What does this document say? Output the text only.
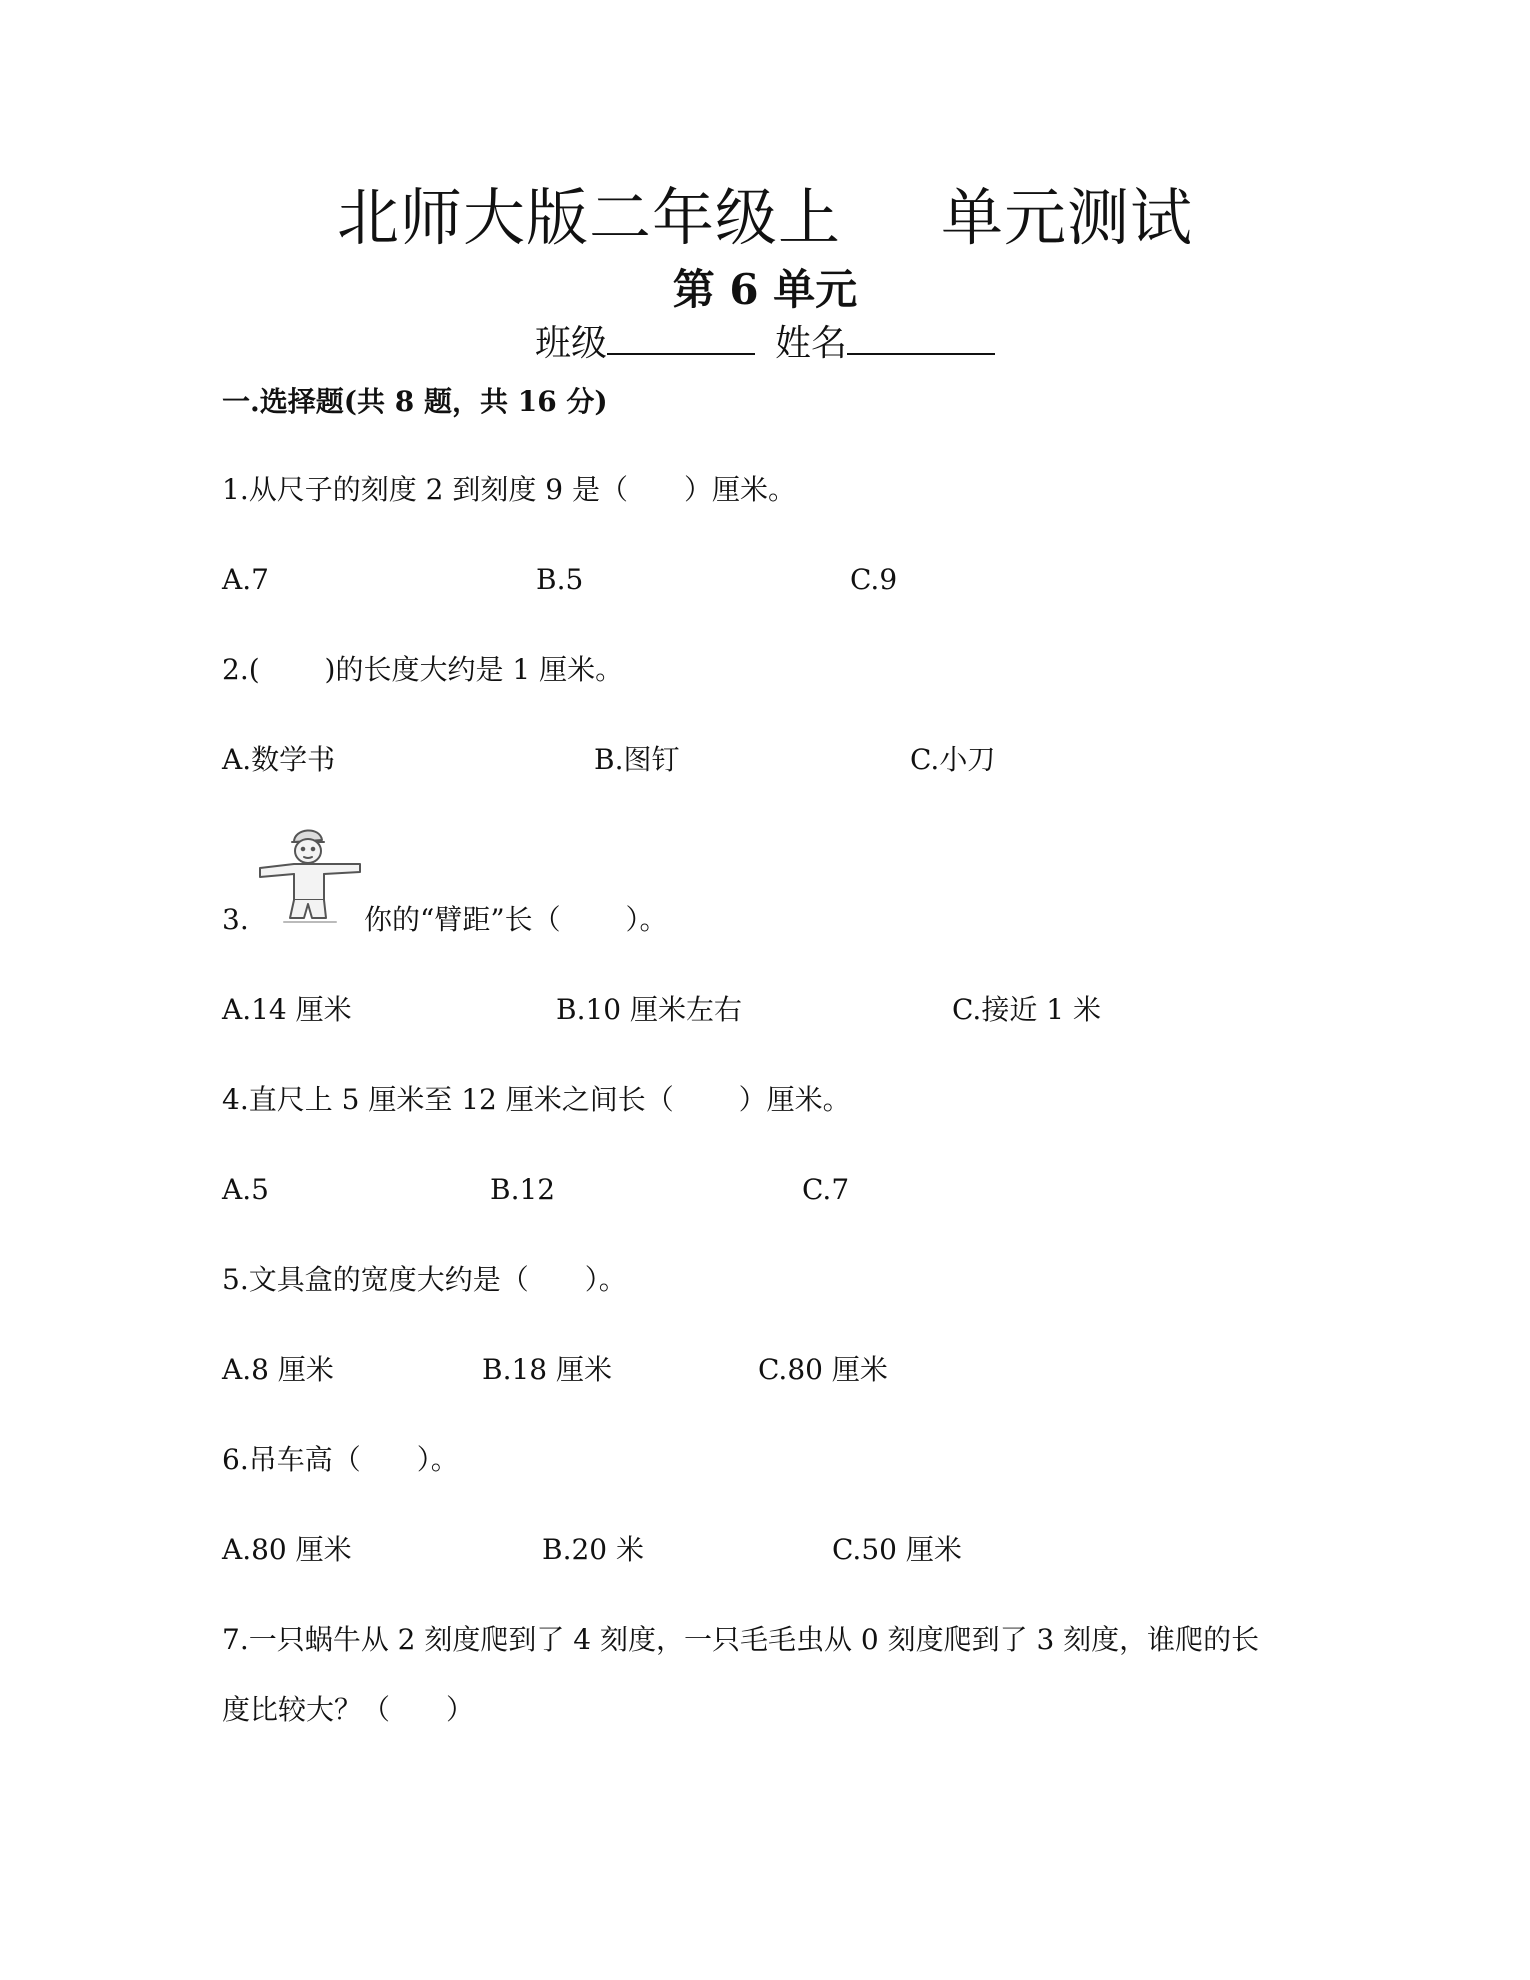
北师大版二年级上 单元测试
第 6 单元
班级	姓名
一.选择题(共 8 题，共 16 分)
1.从尺子的刻度 2 到刻度 9 是（　　）厘米。
A.7	B.5	C.9
2.(　　 )的长度大约是 1 厘米。
A.数学书	B.图钉	C.小刀
3.	你的“臂距”长（　　 ）。
A.14 厘米	B.10 厘米左右	C.接近 1 米
4.直尺上 5 厘米至 12 厘米之间长（　　 ）厘米。
A.5	B.12	C.7
5.文具盒的宽度大约是（　　）。
A.8 厘米	B.18 厘米	C.80 厘米
6.吊车高（　　）。
A.80 厘米	B.20 米	C.50 厘米
7.一只蜗牛从 2 刻度爬到了 4 刻度，一只毛毛虫从 0 刻度爬到了 3 刻度，谁爬的长
度比较大？（　　）
